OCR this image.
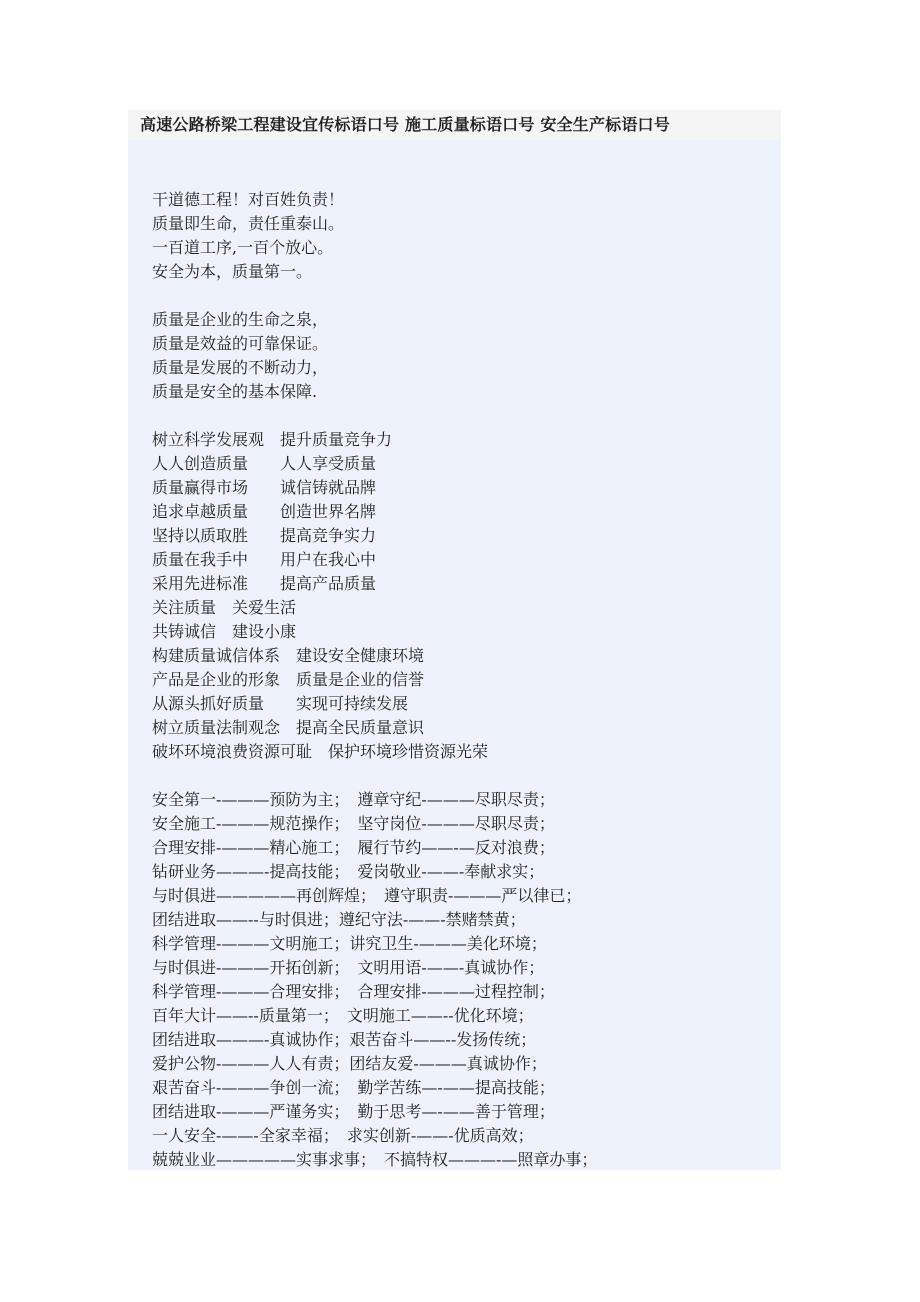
高速公路桥梁工程建设宜传标语口号 施工质量标语口号 安全生产标语口号
干道德工程！对百姓负责！
质量即生命，责任重泰山。
一百道工序,一百个放心。
安全为本，质量第一。
质量是企业的生命之泉，
质量是效益的可靠保证。
质量是发展的不断动力，
质量是安全的基本保障.
树立科学发展观　提升质量竞争力
人人创造质量　　人人享受质量
质量赢得市场　　诚信铸就品牌
追求卓越质量　　创造世界名牌
坚持以质取胜　　提高竞争实力
质量在我手中　　用户在我心中
采用先进标准　　提高产品质量
关注质量　关爱生活
共铸诚信　建设小康
构建质量诚信体系　建设安全健康环境
产品是企业的形象　质量是企业的信誉
从源头抓好质量　　实现可持续发展
树立质量法制观念　提高全民质量意识
破坏环境浪费资源可耻　保护环境珍惜资源光荣
安全第一-———预防为主；　遵章守纪-———尽职尽责；
安全施工-———规范操作；　坚守岗位-———尽职尽责；
合理安排-———精心施工；　履行节约——-—反对浪费；
钻研业务———-提高技能；　爱岗敬业-——-奉献求实；
与时俱进—————再创辉煌；　遵守职责-———严以律已；
团结进取——--与时俱进；遵纪守法-——-禁赌禁黄；
科学管理-———文明施工；讲究卫生-———美化环境；
与时俱进-———开拓创新；　文明用语-——-真诚协作；
科学管理-———合理安排；　合理安排-———过程控制；
百年大计——--质量第一；　文明施工——--优化环境；
团结进取———-真诚协作；艰苦奋斗——--发扬传统；
爱护公物-———人人有责；团结友爱-———真诚协作；
艰苦奋斗-———争创一流；　勤学苦练—-——提高技能；
团结进取-———严谨务实；　勤于思考—-——善于管理；
一人安全-——-全家幸福；　求实创新-——-优质高效；
兢兢业业—————实事求事；　不搞特权———-—照章办事；
